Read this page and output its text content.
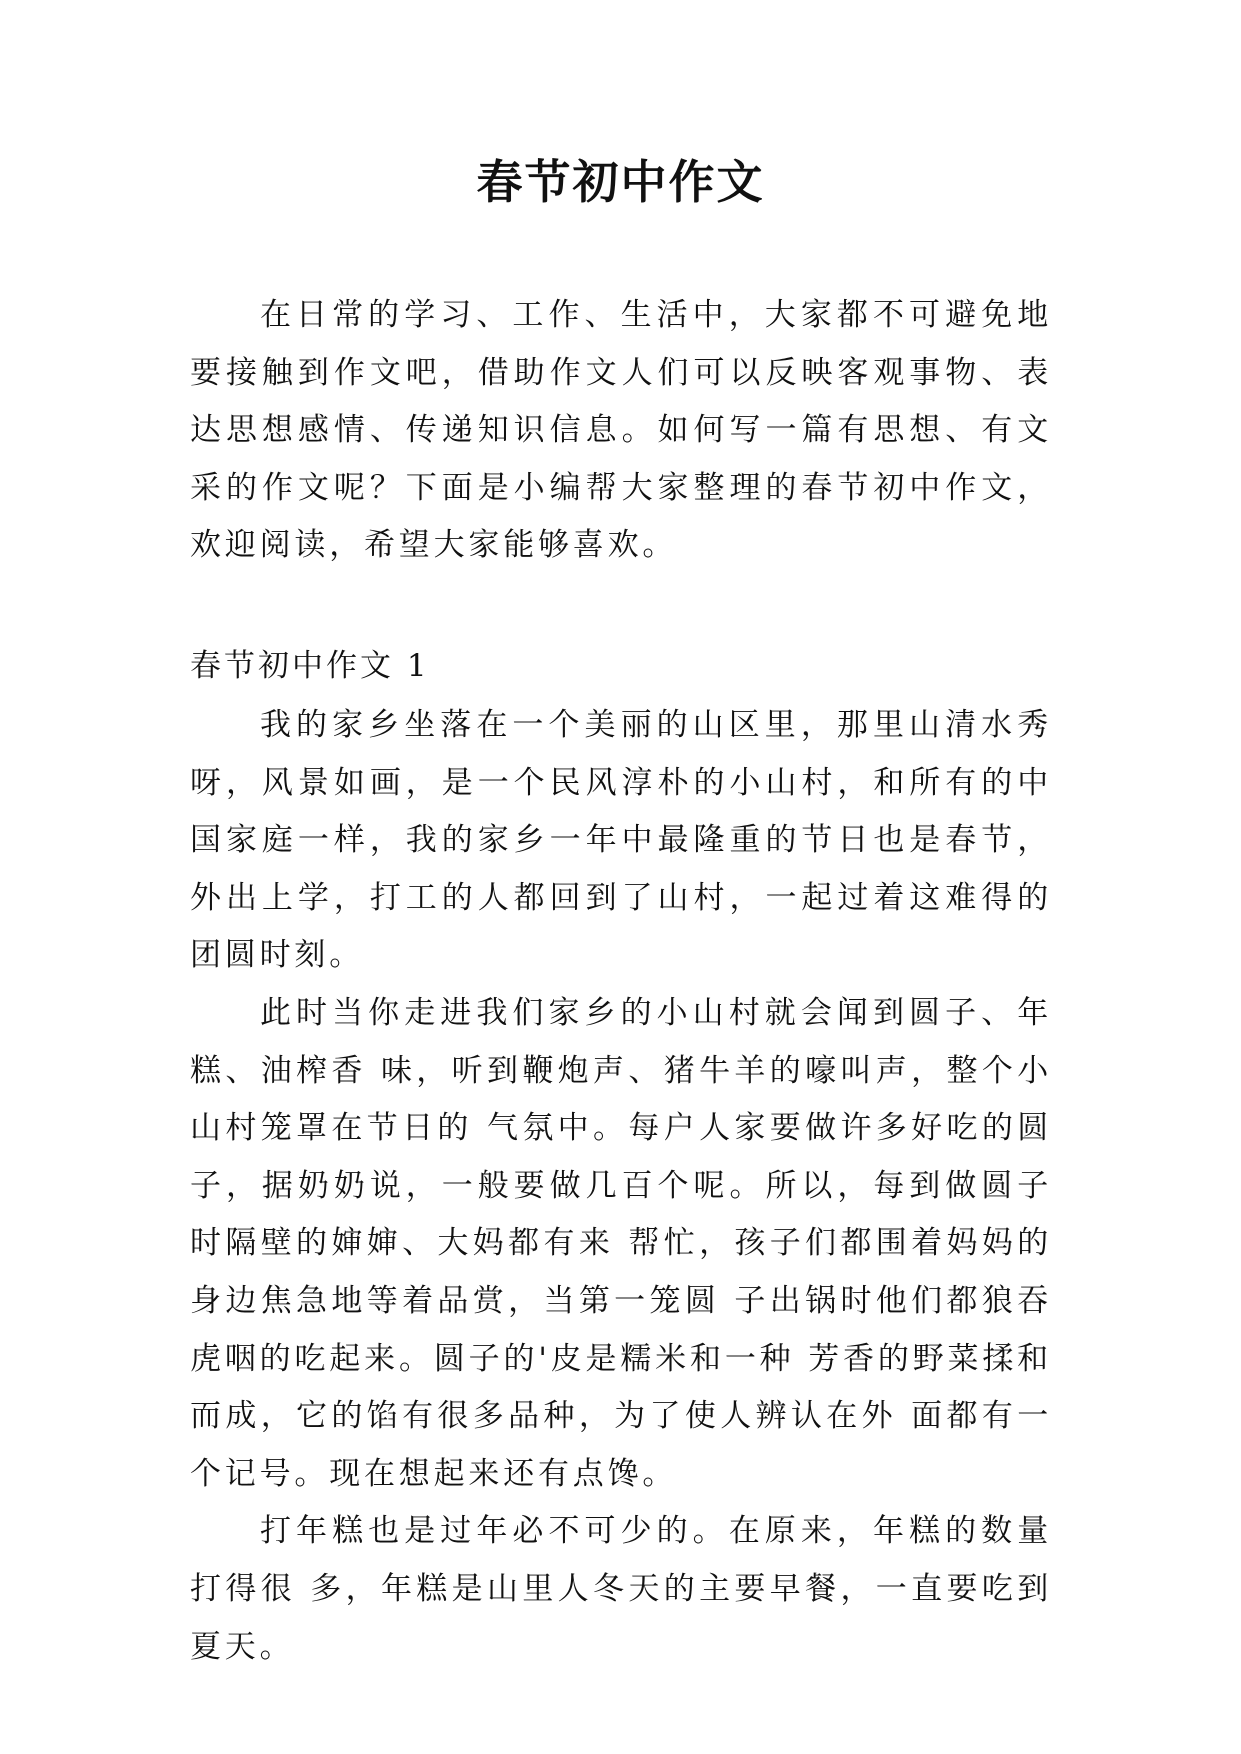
春节初中作文

在日常的学习、工作、生活中，大家都不可避免地要接触到作文吧，借助作文人们可以反映客观事物、表达思想感情、传递知识信息。如何写一篇有思想、有文采的作文呢？下面是小编帮大家整理的春节初中作文，欢迎阅读，希望大家能够喜欢。

春节初中作文 1

我的家乡坐落在一个美丽的山区里，那里山清水秀呀，风景如画，是一个民风淳朴的小山村，和所有的中国家庭一样，我的家乡一年中最隆重的节日也是春节，外出上学，打工的人都回到了山村，一起过着这难得的团圆时刻。

此时当你走进我们家乡的小山村就会闻到圆子、年糕、油榨香 味，听到鞭炮声、猪牛羊的嚎叫声，整个小山村笼罩在节日的 气氛中。每户人家要做许多好吃的圆子，据奶奶说，一般要做几百个呢。所以，每到做圆子时隔壁的婶婶、大妈都有来 帮忙，孩子们都围着妈妈的身边焦急地等着品赏，当第一笼圆 子出锅时他们都狼吞虎咽的吃起来。圆子的'皮是糯米和一种 芳香的野菜揉和而成，它的馅有很多品种，为了使人辨认在外 面都有一个记号。现在想起来还有点馋。

打年糕也是过年必不可少的。在原来，年糕的数量打得很 多，年糕是山里人冬天的主要早餐，一直要吃到夏天。
